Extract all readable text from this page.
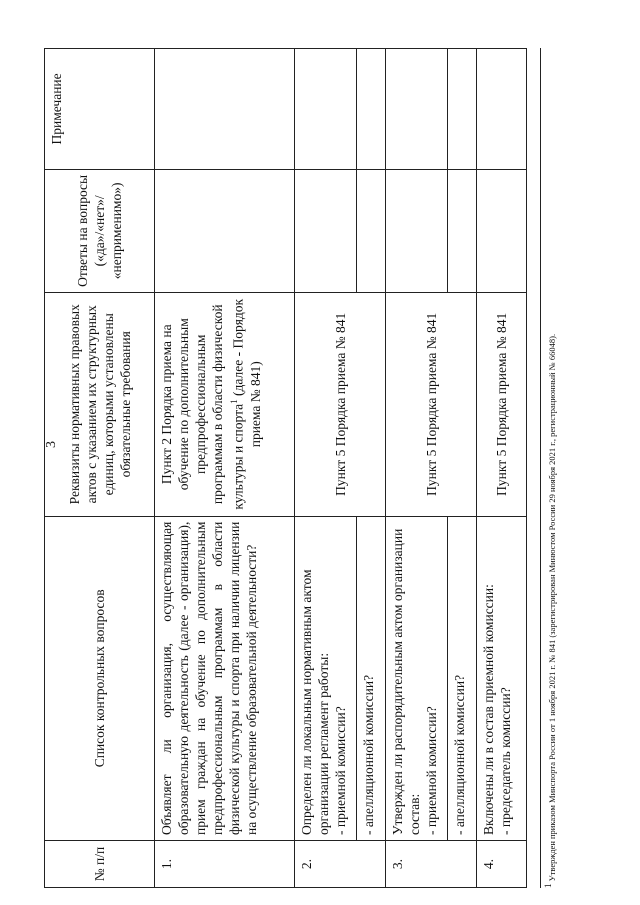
3
№ п/п	Список контрольных вопросов	Реквизиты нормативных правовых актов с указанием их структурных единиц, которыми установлены обязательные требования	Ответы на вопросы («да»/«нет»/ «неприменимо»)	Примечание
1.	Объявляет ли организация, осуществляющая образовательную деятельность (далее - организация), прием граждан на обучение по дополнительным предпрофессиональным программам в области физической культуры и спорта при наличии лицензии на осуществление образовательной деятельности?	Пункт 2 Порядка приема на обучение по дополнительным предпрофессиональным программам в области физической культуры и спорта$^1$ (далее - Порядок приема № 841)		
2.	Определен ли локальным нормативным актом организации регламент работы: - приемной комиссии?	Пункт 5 Порядка приема № 841		
	- апелляционной комиссии?			
3.	Утвержден ли распорядительным актом организации состав: - приемной комиссии?	Пункт 5 Порядка приема № 841		
	- апелляционной комиссии?			
4.	Включены ли в состав приемной комиссии: - председатель комиссии?	Пункт 5 Порядка приема № 841		
1 Утвержден приказом Минспорта России от 1 ноября 2021 г. № 841 (зарегистрирован Минюстом России 29 ноября 2021 г., регистрационный № 66048).
